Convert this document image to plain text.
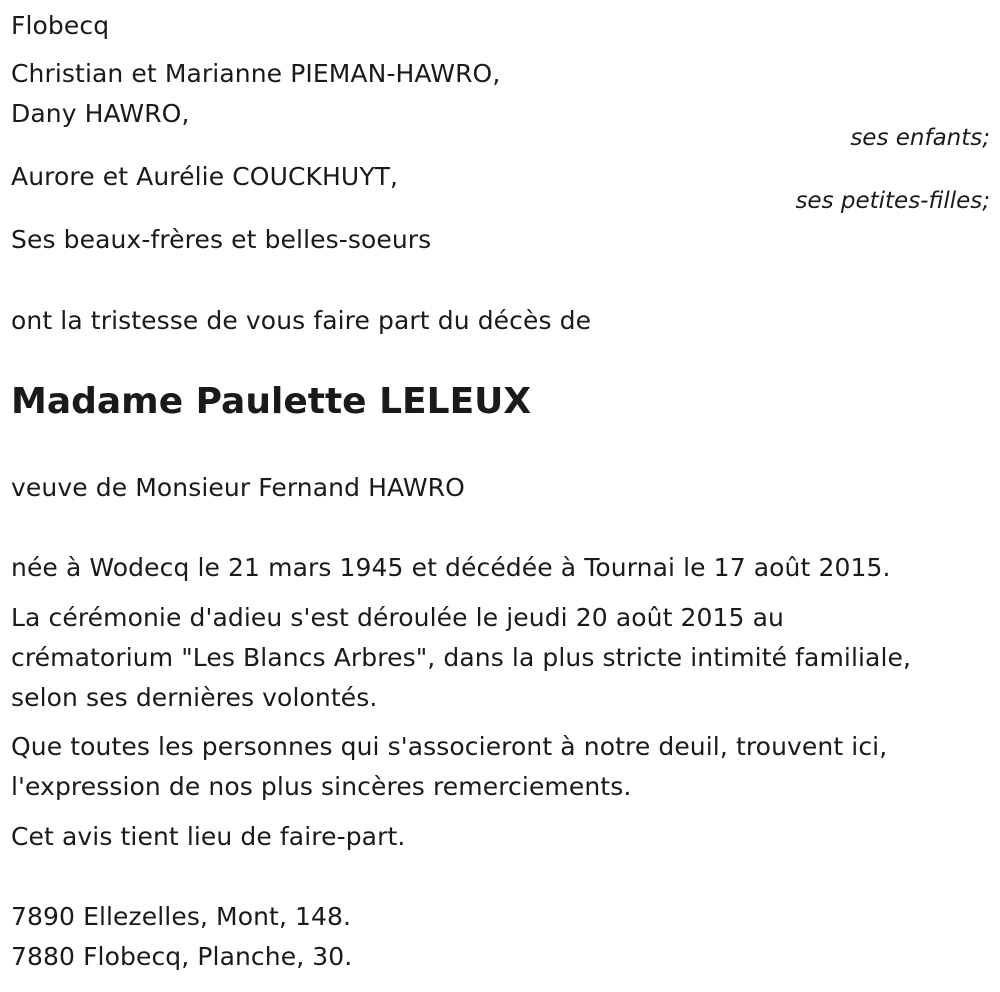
Flobecq
Christian et Marianne PIEMAN-HAWRO,
Dany HAWRO,
ses enfants;
Aurore et Aurélie COUCKHUYT,
ses petites-filles;
Ses beaux-frères et belles-soeurs
ont la tristesse de vous faire part du décès de
Madame Paulette LELEUX
veuve de Monsieur Fernand HAWRO
née à Wodecq le 21 mars 1945 et décédée à Tournai le 17 août 2015.
La cérémonie d'adieu s'est déroulée le jeudi 20 août 2015 au
crématorium "Les Blancs Arbres", dans la plus stricte intimité familiale,
selon ses dernières volontés.
Que toutes les personnes qui s'associeront à notre deuil, trouvent ici,
l'expression de nos plus sincères remerciements.
Cet avis tient lieu de faire-part.
7890 Ellezelles, Mont, 148.
7880 Flobecq, Planche, 30.
